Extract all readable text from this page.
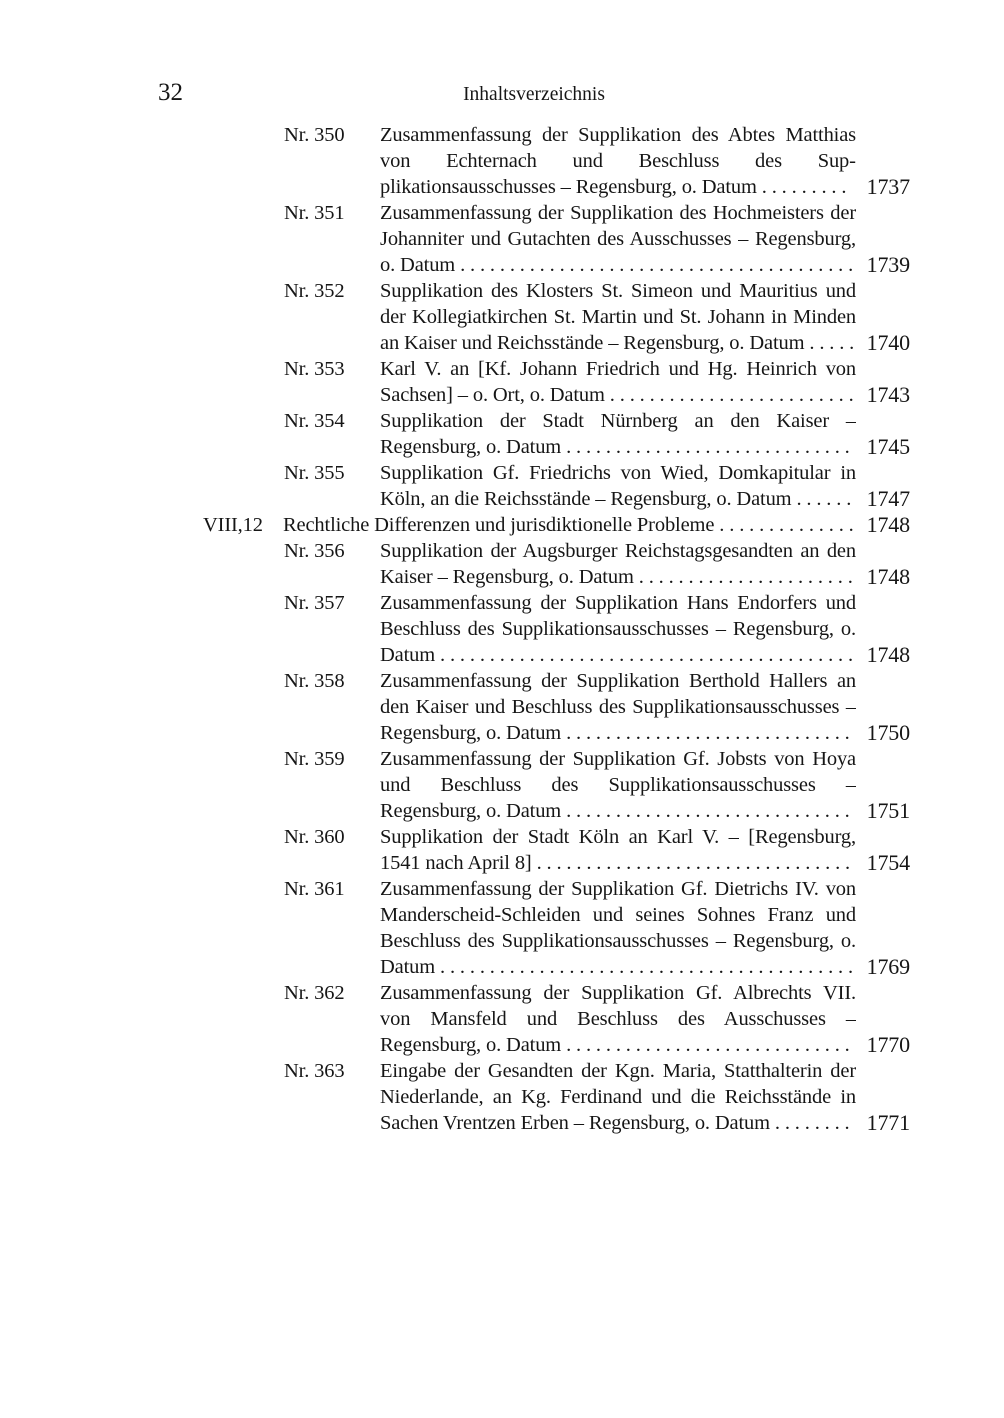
32	Inhaltsverzeichnis
Nr. 350	Zusammenfassung der Supplikation des Abtes Matthias von Echternach und Beschluss des Supplikationsausschusses – Regensburg, o. Datum . . . . . . . . . 1737
Nr. 351	Zusammenfassung der Supplikation des Hochmeisters der Johanniter und Gutachten des Ausschusses – Regensburg, o. Datum . . . . . . . . . . . . . . . . . . . . . . . . . . . . . . . . . . . . . . . . 1739
Nr. 352	Supplikation des Klosters St. Simeon und Mauritius und der Kollegiatkirchen St. Martin und St. Johann in Minden an Kaiser und Reichsstände – Regensburg, o. Datum . . . . . 1740
Nr. 353	Karl V. an [Kf. Johann Friedrich und Hg. Heinrich von Sachsen] – o. Ort, o. Datum . . . . . . . . . . . . . . . . . . . . . . . . . 1743
Nr. 354	Supplikation der Stadt Nürnberg an den Kaiser – Regensburg, o. Datum . . . . . . . . . . . . . . . . . . . . . . . . . . . . . 1745
Nr. 355	Supplikation Gf. Friedrichs von Wied, Domkapitular in Köln, an die Reichsstände – Regensburg, o. Datum . . . . . . 1747
VIII,12 Rechtliche Differenzen und jurisdiktionelle Probleme . . . . . . . . . . . . . . 1748
Nr. 356	Supplikation der Augsburger Reichstagsgesandten an den Kaiser – Regensburg, o. Datum . . . . . . . . . . . . . . . . . . . . . . 1748
Nr. 357	Zusammenfassung der Supplikation Hans Endorfers und Beschluss des Supplikationsausschusses – Regensburg, o. Datum . . . . . . . . . . . . . . . . . . . . . . . . . . . . . . . . . . . . . . . . . . 1748
Nr. 358	Zusammenfassung der Supplikation Berthold Hallers an den Kaiser und Beschluss des Supplikationsausschusses – Regensburg, o. Datum . . . . . . . . . . . . . . . . . . . . . . . . . . . . . 1750
Nr. 359	Zusammenfassung der Supplikation Gf. Jobsts von Hoya und Beschluss des Supplikationsausschusses – Regensburg, o. Datum . . . . . . . . . . . . . . . . . . . . . . . . . . . . . 1751
Nr. 360	Supplikation der Stadt Köln an Karl V. – [Regensburg, 1541 nach April 8] . . . . . . . . . . . . . . . . . . . . . . . . . . . . . . . . 1754
Nr. 361	Zusammenfassung der Supplikation Gf. Dietrichs IV. von Manderscheid-Schleiden und seines Sohnes Franz und Beschluss des Supplikationsausschusses – Regensburg, o. Datum . . . . . . . . . . . . . . . . . . . . . . . . . . . . . . . . . . . . . . . . . . 1769
Nr. 362	Zusammenfassung der Supplikation Gf. Albrechts VII. von Mansfeld und Beschluss des Ausschusses – Regensburg, o. Datum . . . . . . . . . . . . . . . . . . . . . . . . . . . . . 1770
Nr. 363	Eingabe der Gesandten der Kgn. Maria, Statthalterin der Niederlande, an Kg. Ferdinand und die Reichsstände in Sachen Vrentzen Erben – Regensburg, o. Datum . . . . . . . . 1771
